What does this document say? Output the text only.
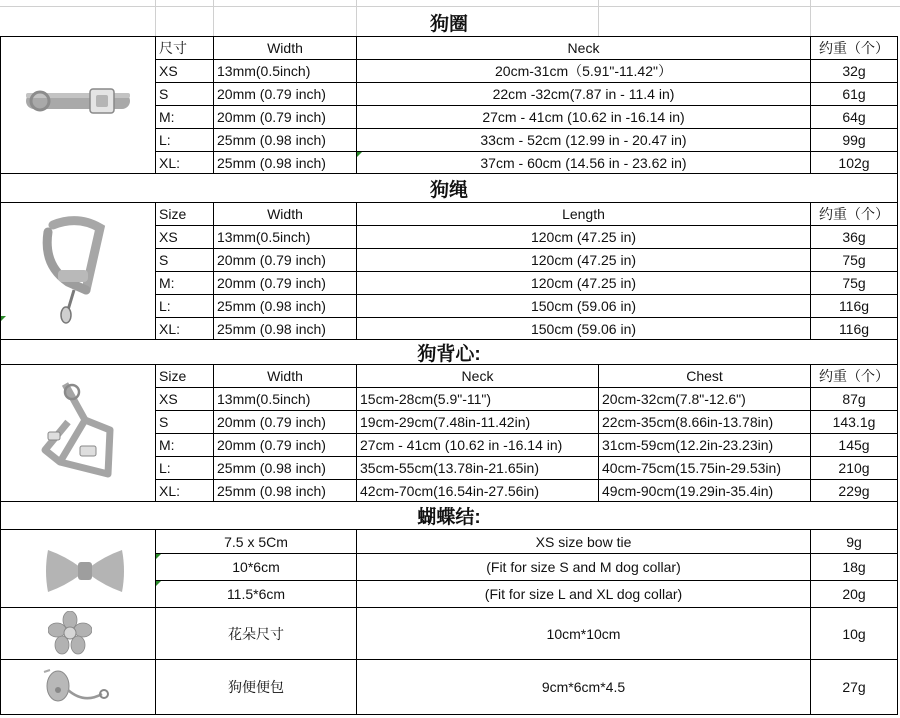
狗圈
狗绳
狗背心:
蝴蝶结:
尺寸	Width	Neck	约重（个）
XS	13mm(0.5inch)	20cm-31cm（5.91"-11.42"）	32g
S	20mm (0.79 inch)	22cm -32cm(7.87 in - 11.4 in)	61g
M:	20mm (0.79 inch)	27cm - 41cm (10.62 in -16.14 in)	64g
L:	25mm (0.98 inch)	33cm - 52cm (12.99 in - 20.47 in)	99g
XL:	25mm (0.98 inch)	37cm - 60cm (14.56 in - 23.62 in)	102g
Size	Width	Length	约重（个）
XS	13mm(0.5inch)	120cm (47.25 in)	36g
S	20mm (0.79 inch)	120cm (47.25 in)	75g
M:	20mm (0.79 inch)	120cm (47.25 in)	75g
L:	25mm (0.98 inch)	150cm (59.06 in)	116g
XL:	25mm (0.98 inch)	150cm (59.06 in)	116g
Size	Width	Neck	Chest	约重（个）
XS	13mm(0.5inch)	15cm-28cm(5.9"-11")	20cm-32cm(7.8"-12.6")	87g
S	20mm (0.79 inch)	19cm-29cm(7.48in-11.42in)	22cm-35cm(8.66in-13.78in)	143.1g
M:	20mm (0.79 inch)	27cm - 41cm (10.62 in -16.14 in)	31cm-59cm(12.2in-23.23in)	145g
L:	25mm (0.98 inch)	35cm-55cm(13.78in-21.65in)	40cm-75cm(15.75in-29.53in)	210g
XL:	25mm (0.98 inch)	42cm-70cm(16.54in-27.56in)	49cm-90cm(19.29in-35.4in)	229g
7.5 x 5Cm	XS size bow tie	9g
10*6cm	(Fit for size S and M dog collar)	18g
11.5*6cm	(Fit for size L and XL dog collar)	20g
花朵尺寸	10cm*10cm	10g
狗便便包	9cm*6cm*4.5	27g
